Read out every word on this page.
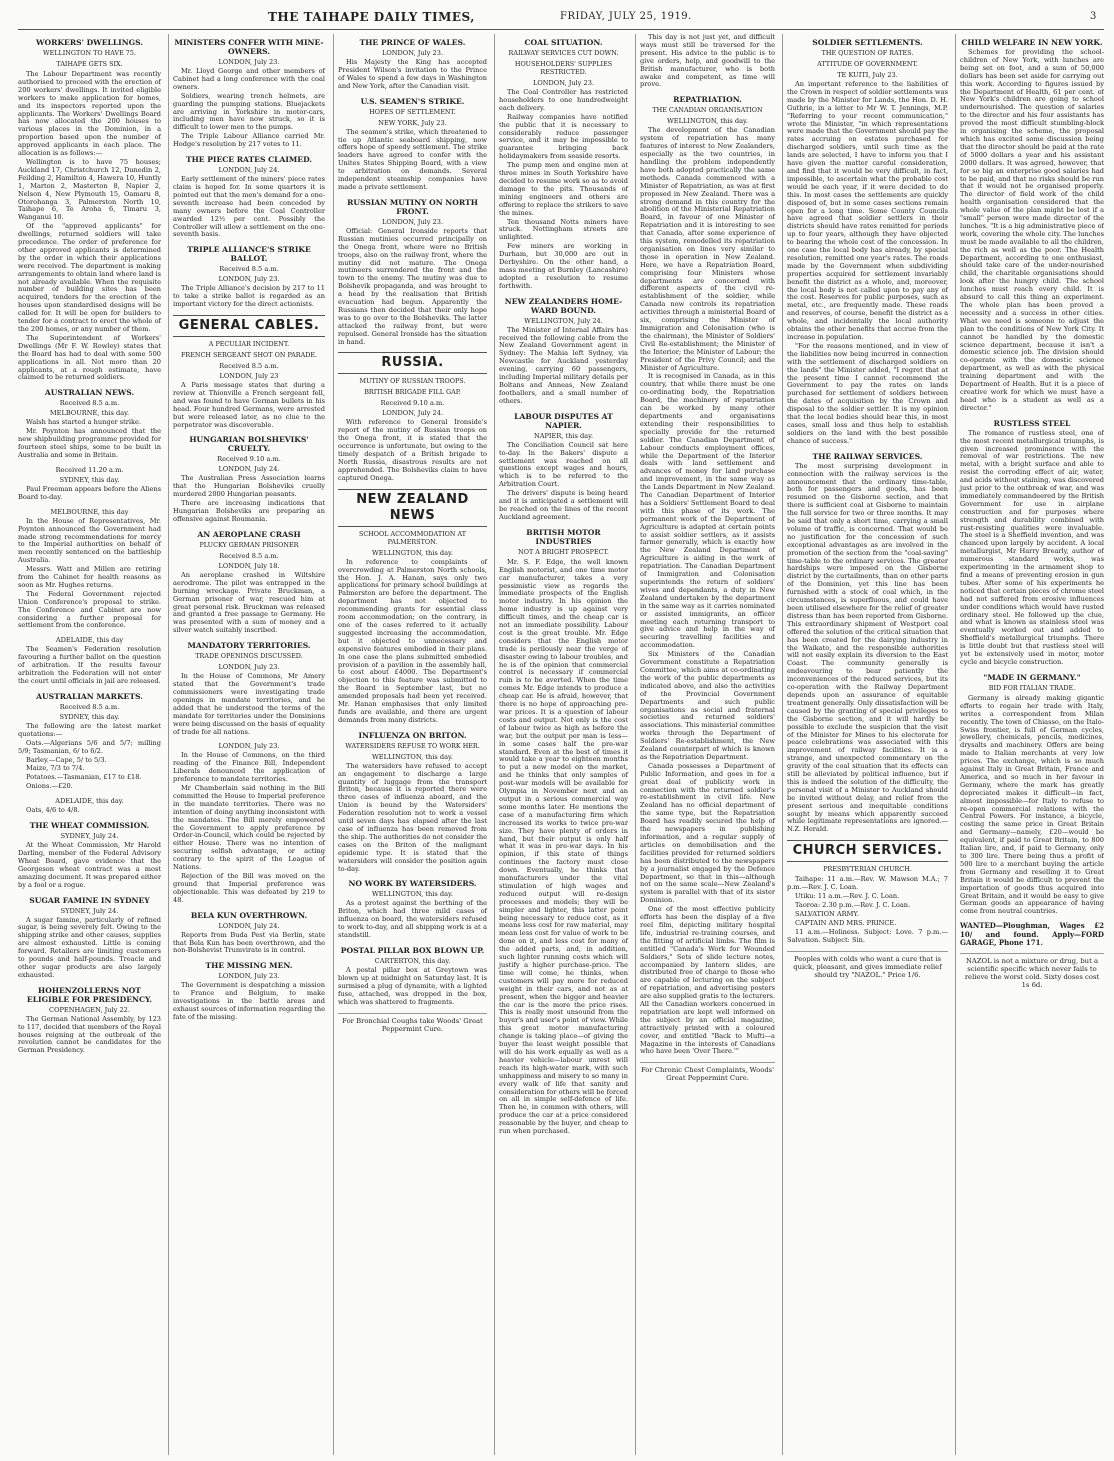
THE TAIHAPE DAILY TIMES,	FRIDAY, JULY 25, 1919.	3
WORKERS' DWELLINGS.
WELLINGTON TO HAVE 75.
TAIHAPE GETS SIX.

The Labour Department was recently authorised to proceed with the erection of 200 workers' dwellings. It invited eligible workers to make application for homes, and its inspectors reported upon the applicants. The Workers' Dwellings Board has now allocated the 200 houses to various places in the Dominion, in a proportion based upon the number of approved applicants in each place. The allocation is as follows:—

Wellington is to have 75 houses; Auckland 17, Christchurch 12, Dunedin 2, Feilding 2, Hamilton 4, Hawera 10, Huntly 1, Marton 2, Masterton 8, Napier 2, Nelson 4, New Plymouth 15, Oamaru 8, Otorohanga 3, Palmerston North 10, Taihape 6, Te Aroha 6, Timaru 3, Wanganui 10.

Of the "approved applicants" for dwellings, returned soldiers will take precedence. The order of preference for other approved applicants is determined by the order in which their applications were received. The department is making arrangements to obtain land where land is not already available. When the requisite number of building sites has been acquired, tenders for the erection of the houses upon standardised designs will be called for. It will be open for builders to tender for a contract to erect the whole of the 200 homes, or any number of them.

The Superintendent of Workers' Dwellings (Mr F. W. Rowley) states that the Board has had to deal with some 500 applications in all. Not more than 20 applicants, at a rough estimate, have claimed to be returned soldiers.

AUSTRALIAN NEWS.
Received 8.5 a.m.
MELBOURNE, this day.

Walsh has started a hunger strike.

Mr. Poynton has announced that the new shipbuilding programme provided for fourteen steel ships, some to be built in Australia and some in Britain.

Received 11.20 a.m.
SYDNEY, this day.

Paul Freeman appears before the Aliens Board to-day.

MELBOURNE, this day

In the House of Representatives, Mr. Poynton announced the Government had made strong recommendations for mercy to the Imperial authorities on behalf of men recently sentenced on the battleship Australia.

Messrs. Watt and Millen are retiring from the Cabinet for health reasons as soon as Mr. Hughes returns.

The Federal Government rejected Union Conference's proposal to strike. The Conference and Cabinet are now considering a further proposal for settlement from the conference.

ADELAIDE, this day

The Seamen's Federation resolution favouring a further ballot on the question of arbitration. If the results favour arbitration the Federation will not enter the court until officials in jail are released.

AUSTRALIAN MARKETS.
Received 8.5 a.m.
SYDNEY, this day.

The following are the latest market quotations:—

Oats.—Algerians 5/6 and 5/7; milling 5/9; Tasmanian, 6/ to 6/2.

Barley.—Cape, 5/ to 5/3.

Maize, 7/3 to 7/4.

Potatoes.—Tasmanian, £17 to £18.

Onions.—£20.

ADELAIDE, this day.

Oats, 4/6 to 4/8.

THE WHEAT COMMISSION.
SYDNEY, July 24.

At the Wheat Commission, Mr Harold Darling, member of the Federal Advisory Wheat Board, gave evidence that the Georgeson wheat contract was a most amazing document. It was prepared either by a fool or a rogue.

SUGAR FAMINE IN SYDNEY
SYDNEY, July 24.

A sugar famine, particularly of refined sugar, is being severely felt. Owing to the shipping strike and other causes, supplies are almost exhausted. Little is coming forward. Retailers are limiting customers to pounds and half-pounds. Treacle and other sugar products are also largely exhausted.

HOHENZOLLERNS NOT ELIGIBLE FOR PRESIDENCY.
COPENHAGEN, July 22.

The German National Assembly, by 123 to 117, decided that members of the Royal houses reigning at the outbreak of the revolution cannot be candidates for the German Presidency.

MINISTERS CONFER WITH MINE-OWNERS.
LONDON, July 23.

Mr. Lloyd George and other members of Cabinet had a long conference with the coal owners.

Soldiers, wearing trench helmets, are guarding the pumping stations. Bluejackets are arriving in Yorkshire in motor-cars, including men have now struck, so it is difficult to lower men to the pumps.

The Triple Labour Alliance carried Mr. Hodge's resolution by 217 votes to 11.

THE PIECE RATES CLAIMED.
LONDON, July 24.

Early settlement of the miners' piece rates claim is hoped for. In some quarters it is pointed out that the men's demand for a one-seventh increase had been conceded by many owners before the Coal Controller awarded 12½ per cent. Possibly the Controller will allow a settlement on the one-seventh basis.

TRIPLE ALLIANCE'S STRIKE BALLOT.
Received 8.5 a.m.
LONDON, July 23.

The Triple Alliance's decision by 217 to 11 to take a strike ballot is regarded as an important victory for the direct actionists.

GENERAL CABLES.
A PECULIAR INCIDENT.
FRENCH SERGEANT SHOT ON PARADE.
Received 8.5 a.m.
LONDON, July 23

A Paris message states that during a review at Thionville a French sergeant fell, and was found to have German bullets in his head. Four hundred Germans, were arrested but were released later, as no clue to the perpetrator was discoverable.

HUNGARIAN BOLSHEVIKS' CRUELTY.
Received 9.10 a.m.
LONDON, July 24.

The Australian Press Association learns that the Hungarian Bolsheviks cruelly murdered 2000 Hungarian peasants.

There are increasing indications that Hungarian Bolsheviks are preparing an offensive against Roumania.

AN AEROPLANE CRASH
PLUCKY GERMAN PRISONER
Received 8.5 a.m.
LONDON, July 18.

An aeroplane crashed in Wiltshire aerodrome. The pilot was entrapped in the burning wreckage. Private Bruckman, a German prisoner of war, rescued him at great personal risk. Bruckman was released and granted a free passage to Germany. He was presented with a sum of money and a silver watch suitably inscribed.

MANDATORY TERRITORIES.
TRADE OPENINGS DISCUSSED.
LONDON, July 23.

In the House of Commons, Mr Amery stated that the Government's trade commissioners were investigating trade openings in mandate territories, and he added that he understood the terms of the mandate for territories under the Dominions were being discussed on the basis of equality of trade for all nations.

LONDON, July 23.

In the House of Commons, on the third reading of the Finance Bill, Independent Liberals denounced the application of preference to mandate territories.

Mr Chamberlain said nothing in the Bill committed the House to Imperial preference in the mandate territories. There was no intention of doing anything inconsistent with the mandates. The Bill merely empowered the Government to apply preference by Order-in-Council, which could be rejected by either House. There was no intention of securing selfish advantage, or acting contrary to the spirit of the League of Nations.

Rejection of the Bill was moved on the ground that Imperial preference was objectionable. This was defeated by 219 to 48.

BELA KUN OVERTHROWN.
LONDON, July 24.

Reports from Buda Pest via Berlin, state that Bela Kun has been overthrown, and the non-Bolshevist Trumvirate is in control.

THE MISSING MEN.
LONDON, July 23.

The Government is despatching a mission to France and Belgium, to make investigations in the battle areas and exhaust sources of information regarding the fate of the missing.

THE PRINCE OF WALES.
LONDON, July 23.

His Majesty the King has accepted President Wilson's invitation to the Prince of Wales to spend a few days in Washington and New York, after the Canadian visit.

U.S. SEAMEN'S STRIKE.
HOPES OF SETTLEMENT.
NEW YORK, July 23.

The seamen's strike, which threatened to tie up Atlantic seaboard shipping, now offers hope of speedy settlement. The strike leaders have agreed to confer with the Unites States Shipping Board, with a view to arbitration on demands. Several independent steamship companies have made a private settlement.

RUSSIAN MUTINY ON NORTH FRONT.
LONDON, July 23.

Official: General Ironside reports that Russian mutinies occurred principally on the Onega front, where were no British troops, also on the railway front, where the mutiny did not mature. The Onega mutineers surrendered the front and the town to the enemy. The mutiny was due to Bolshevik propaganda, and was brought to a head by the realisation that British evacuation had begun. Apparently the Russians then decided that their only hope was to go over to the Bolsheviks. The latter attacked the railway front, but were repulsed. General Ironside has the situation in hand.

RUSSIA.
MUTINY OF RUSSIAN TROOPS.
BRITISH BRIGADE FILL GAP.
Received 9.10 a.m.
LONDON, July 24.

With reference to General Ironside's report of the mutiny of Russian troops on the Onega front, it is stated that the occurrence is unfortunate, but owing to the timely despatch of a British brigade to North Russia, disastrous results are not apprehended. The Bolsheviks claim to have captured Onega.

NEW ZEALAND NEWS
SCHOOL ACCOMMODATION AT PALMERSTON.
WELLINGTON, this day.

In reference to complaints of overcrowding at Palmerston North schools, the Hon. J. A. Hanan, says only two applications for primary school buildings at Palmerston are before the department. The department has not objected to recommending grants for essential class room accommodation; on the contrary, in one of the cases referred to it actually suggested increasing the accommodation, but it objected to unnecessary and expensive features embodied in their plans. In one case the plans submitted embodied provision of a pavilion in the assembly hall, to cost about £4000. The Department's objection to this feature was submitted to the Board in September last, but no amended proposals had been yet received. Mr. Hanan emphasises that only limited funds are available, and there are urgent demands from many districts.

INFLUENZA ON BRITON.
WATERSIDERS REFUSE TO WORK HER.
WELLINGTON, this day.

The watersiders have refused to accept an engagement to discharge a large quantity of luggage from the transport Briton, because it is reported there were three cases of influenza aboard, and the Union is bound by the Watersiders' Federation resolution not to work a vessel until seven days has elapsed after the last case of influenza has been removed from the ship. The authorities do not consider the cases on the Briton of the malignant epidemic type. It is stated that the watersiders will consider the position again to-day.

NO WORK BY WATERSIDERS.
WELLINGTON, this day.

As a protest against the berthing of the Briton, which had three mild cases of influenza on board, the watersiders refused to work to-day, and all shipping work is at a standstill.

POSTAL PILLAR BOX BLOWN UP.
CARTERTON, this day.

A postal pillar box at Greytown was blown up at midnight on Saturday last. It is surmised a plug of dynamite, with a lighted fuse, attached, was dropped in the box, which was shattered to fragments.

For Bronchial Coughs take Woods' Great Peppermint Cure.
COAL SITUATION.
RAILWAY SERVICES CUT DOWN.
HOUSEHOLDERS' SUPPLIES RESTRICTED.
LONDON, July 23.

The Coal Controller has restricted householders to one hundredweight each delivery.

Railway companies have notified the public that it is necessary to considerably reduce passenger service, and it may be impossible to guarantee bringing back holidaymakers from seaside resorts.

The pump men and engine men at three mines in South Yorkshire have decided to resume work so as to avoid damage to the pits. Thousands of mining engineers and others are offering to replace the strikers to save the mines.

Ten thousand Notts miners have struck. Nottingham streets are unlighted.

Few miners are working in Durham, but 30,000 are out in Derbyshire. On the other hand, a mass meeting at Burnley (Lancashire) adopted a resolution to resume forthwith.

NEW ZEALANDERS HOME-WARD BOUND.
WELLINGTON, July 24.

The Minister of Internal Affairs has received the following cable from the New Zealand Government agent in Sydney: The Mahia left Sydney, via Newcastle for Auckland yesterday evening, carrying 60 passengers, including Imperial military details per Boltans and Anneas, New Zealand footballers, and a small number of others.

LABOUR DISPUTES AT NAPIER.
NAPIER, this day.

The Conciliation Council sat here to-day. In the Bakers' dispute a settlement was reached on all questions except wages and hours, which is to be referred to the Arbitration Court.

The drivers' dispute is being heard and it is anticipated a settlement will be reached on the lines of the recent Auckland agreement.

BRITISH MOTOR INDUSTRIES
NOT A BRIGHT PROSPECT.

Mr. S. F. Edge, the well known English motorist, and one time motor car manufacturer, takes a very pessimistic view as regards the immediate prospects of the English motor industry. In his opinion the home industry is up against very difficult times, and the cheap car is not an immediate possibility. Labour cost is the great trouble. Mr. Edge considers that the English motor trade is perilously near the verge of disaster owing to labour troubles, and he is of the opinion that commercial control is necessary if commercial ruin is to be averted. When the time comes Mr. Edge intends to produce a cheap car. He is afraid, however, that there is no hope of approaching pre-war prices. It is a question of labour costs and output. Not only is the cost of labour twice as high as before the war, but the output per man is less—in some cases half the pre-war standard. Even at the best of times it would take a year to eighteen months to put a new model on the market, and he thinks that only samples of post-war models will be available for Olympia in November next and an output in a serious commercial way some months later. He mentions the case of a manufacturing firm which increased its works to twice pre-war size. They have plenty of orders in hand, but their output is only half what it was in pre-war days. In his opinion, if this state of things continues the factory must close down. Eventually, he thinks that manufacturers under the vital stimulation of high wages and reduced output will re-design processes and models; they will be simpler and lighter, this latter point being necessary to reduce cost, as it means less cost for raw material, may mean less cost for value of work to be done on it, and less cost for many of the added parts, and, in addition, such lighter running costs which will justify a higher purchase-price. The time will come, he thinks, when customers will pay more for reduced weight in their cars, and not as at present, when the bigger and heavier the car is the more the price rises. This is really most unsound from the buyer's and user's point of view. While this great motor manufacturing change is taking place—of giving the buyer the least weight possible that will do his work equally as well as a heavier vehicle—labour unrest will reach its high-water mark, with such unhappiness and misery to so many in every walk of life that sanity and consideration for others will be forced on all in simple self-defence of life. Then he, in common with others, will produce the car at a price considered reasonable by the buyer, and cheap to run when purchased.

This day is not just yet, and difficult ways must still be traversed for the present. His advice to the public is to give orders, help, and goodwill to the British manufacturer, who is both awake and competent, as time will prove.

REPATRIATION.
THE CANADIAN ORGANISATION
WELLINGTON, this day.

The development of the Canadian system of repatriation has many features of interest to New Zealanders, especially as the two countries, in handling the problem independently have both adopted practically the same methods. Canada commenced with a Minister of Repatriation, as was at first proposed in New Zealand. There was a strong demand in this country for the abolition of the Ministerial Repatriation Board, in favour of one Minister of Repatriation and it is interesting to see that Canada, after some experience of this system, remodelled its repatriation organisation on lines very similar to those in operation in New Zealand. Here, we have a Repatriation Board, comprising four Ministers whose departments are concerned with different aspects of the civil re-establishment of the soldier, while Canada now controls its repatriation activities through a ministerial Board of six, comprising the Minister of Immigration and Colonisation (who is the chairman), the Minister of Soldiers' Civil Re-establishment; the Minister of the Interior; the Minister of Labour; the President of the Privy Council; and the Minister of Agriculture.

It is recognised in Canada, as in this country, that while there must be one co-ordinating body, the Repatriation Board, the machinery of repatriation can be worked by many other departments and organisations extending their responsibilities to specially provide for the returned soldier. The Canadian Department of Labour conducts employment offices, while the Department of the Interior deals with land settlement and advances of money for land purchase and improvement, in the same way as the Lands Department in New Zealand. The Canadian Department of Interior has a Soldiers' Settlement Board to deal with this phase of its work. The permanent work of the Department of Agriculture is adapted at certain points to assist soldier settlers, as it assists farmer generally, which is exactly how the New Zealand Department of Agriculture is aiding in the work of repatriation. The Canadian Department of Immigration and Colonisation superintends the return of soldiers' wives and dependants, a duty in New Zealand undertaken by the department in the same way as it carries nominated or assisted immigrants, an officer meeting each returning transport to give advice and help in the way of securing travelling facilities and accommodation.

Six Ministers of the Canadian Government constitute a Repatriation Committee, which aims at co-ordinating the work of the public departments as indicated above, and also the activities of the Provincial Government Departments and such public organisations as social and fraternal societies and returned soldiers' associations. This ministerial committee works through the Department of Soldiers' Re-establishment, the New Zealand counterpart of which is known as the Repatriation Department.

Canada possesses a Department of Public Information, and goes in for a great deal of publicity work in connection with the returned soldier's re-establishment in civil life. New Zealand has no official department of the same type, but the Repatriation Board has readily secured the help of the newspapers in publishing information, and a regular supply of articles on demobilisation and the facilities provided for returned soldiers has been distributed to the newspapers by a journalist engaged by the Defence Department, so that in this—although not on the same scale—New Zealand's system is parallel with that of its sister Dominion.

One of the most effective publicity efforts has been the display of a five reel film, depicting military hospital life, industrial re-training courses, and the fitting of artificial limbs. The film is entitled "Canada's Work for Wounded Soldiers," Sets of slide lecture notes, accompanied by lantern slides, are distributed free of charge to those who are capable of lecturing on the subject of repatriation, and advertising posters are also supplied gratis to the lecturers. All the Canadian workers concerned in repatriation are kept well informed on the subject by an official magazine, attractively printed with a coloured cover, and entitled "Back to Mufti—a Magazine in the interests of Canadians who have been 'Over There.'"

For Chronic Chest Complaints, Woods' Great Peppermint Cure.
SOLDIER SETTLEMENTS.
THE QUESTION OF RATES.
ATTITUDE OF GOVERNMENT.
TE KUITI, July 23.

An important reference to the liabilities of the Crown in respect of soldier settlements was made by the Minister for Lands, the Hon. D. H. Guthrie, in a letter to Mr W. T. Jennings, M.P. "Referring to your recent communication," wrote the Minister, "in which representations were made that the Government should pay the rates accruing on estates purchased for discharged soldiers, until such time as the lands are selected, I have to inform you that I have given the matter careful consideration, and find that it would be very difficult, in fact, impossible, to ascertain what the probable cost would be each year, if it were decided to do this. In most cases the settlements are quickly disposed of, but in some cases sections remain open for a long time. Some County Councils have agreed that soldier settlers in their districts should have rates remitted for periods up to four years, although they have objected to bearing the whole cost of the concession. In one case the local body has already, by special resolution, remitted one year's rates. The roads made by the Government when subdividing properties acquired for settlement invariably benefit the district as a whole, and, moreover, the local body is not called upon to pay any of the cost. Reserves for public purposes, such as metal, etc., are frequently made. These roads and reserves, of course, benefit the district as a whole, and incidentally the local authority obtains the other benefits that accrue from the increase in population.

"For the reasons mentioned, and in view of the liabilities now being incurred in connection with the settlement of discharged soldiers on the lands" the Minister added, "I regret that at the present time I cannot recommend the Government to pay the rates on lands purchased for settlement of soldiers between the dates of acquisition by the Crown and disposal to the soldier settler. It is my opinion that the local bodies should bear this, in most cases, small loss and thus help to establish soldiers on the land with the best possible chance of success."

THE RAILWAY SERVICES.

The most surprising development in connection with the railway services is the announcement that the ordinary time-table, both for passengers and goods, has been resumed on the Gisborne section, and that there is sufficient coal at Gisborne to maintain the full service for two or three months. It may be said that only a short time, carrying a small volume of traffic, is concerned. That would be no justification for the concession of such exceptional advantages as are involved in the promotion of the section from the "coal-saving" time-table to the ordinary services. The greater hardships were imposed on the Gisborne district by the curtailments, than on other parts of the Dominion, yet this line has been furnished with a stock of coal which, in the circumstances, is superfluous, and could have been utilised elsewhere for the relief of greater distress than has been reported from Gisborne. This extraordinary shipment of Westport coal offered the solution of the critical situation that has been created for the dairying industry in the Waikato, and the responsible authorities will not easily explain its diversion to the East Coast. The community generally is endeavouring to bear patiently the inconveniences of the reduced services, but its co-operation with the Railway Department depends upon an assurance of equitable treatment generally. Only dissatisfaction will be caused by the granting of special privileges to the Gisborne section, and it will hardly be possible to exclude the suspicion that the visit of the Minister for Mines to his electorate for peace celebrations was associated with this improvement of railway facilities. It is a strange, and unexpected commentary on the gravity of the coal situation that its effects can still be alleviated by political influence, but if this is indeed the solution of the difficulty, the personal visit of a Minister to Auckland should be invited without delay, and relief from the present serious and inequitable conditions sought by means which apparently succeed while legitimate representations are ignored.—N.Z. Herald.

CHURCH SERVICES.
PRESBYTERIAN CHURCH.

Taihape: 11 a.m.—Rev. W. Mawson M.A.; 7 p.m.—Rev. J. C. Loan.

Utiku: 11 a.m.—Rev. J. C. Loan.

Taoroa: 2.30 p.m.—Rev. J. C. Loan.

SALVATION ARMY.

CAPTAIN AND MRS. PRINCE.

11 a.m.—Holiness. Subject: Love. 7 p.m.—Salvation. Subject: Sin.

Peoples with colds who want a cure that is quick, pleasant, and gives immediate relief should try "NAZOL." Price 1/6.
CHILD WELFARE IN NEW YORK.

Schemes for providing the school-children of New York, with lunches are being set on foot, and a sum of 50,000 dollars has been set aside for carrying out this work. According to figures issued by the Department of Health, 61 per cent. of New York's children are going to school undernourished. The question of salaries to the director and his four assistants has proved the most difficult stumbling-block in organising the scheme, the proposal which has excited some discussion being that the director should be paid at the rate of 5000 dollars a year and his assistant 2000 dollars. It was agreed, however, that for so big an enterprise good salaries had to be paid, and that no risks should be run that it would not be organised properly. The director of field work of the child health organisation considered that the whole value of the plan might be lost if a "small" person were made director of the lunches. "It is a big administrative piece of work, covering the whole city. The lunches must be made available to all the children, the rich as well as the poor. The Health Department, according to one enthusiast, should take care of the under-nourished child, the charitable organisations should look after the hungry child. The school lunches must reach every child. It is absurd to call this thing an experiment. The whole plan has been proved a necessity and a success in other cities. What we need is someone to adjust the plan to the conditions of New York City. It cannot be handled by the domestic science department, because it isn't a domestic science job. The division should co-operate with the domestic science department, as well as with the physical training department and with the Department of Health. But it is a piece of creative work for which we must have a head who is a student as well as a director."

RUSTLESS STEEL

The romance of rustless steel, one of the most recent metallurgical triumphs, is given increased prominence with the removal of war restrictions. The new metal, with a bright surface and able to resist the corroding effect of air, water, and acids without staining, was discovered just prior to the outbreak of war, and was immediately commandeered by the British Government for use in airplane construction and for purposes where strength and durability combined with rust-resisting qualities were invaluable. The steel is a Sheffield invention, and was chanced upon largely by accident. A local metallurgist, Mr Harry Brearly, author of numerous standard works, was experimenting in the armament shop to find a means of preventing erosion in gun tubes. After some of his experiments he noticed that certain pieces of chrome steel had not suffered from erosive influences under conditions which would have rusted ordinary steel. He followed up the clue, and what is known as stainless steel was eventually worked out and added to Sheffield's metallurgical triumphs. There is little doubt but that rustless steel will yet be extensively used in motor, motor cycle and bicycle construction.

"MADE IN GERMANY."
BID FOR ITALIAN TRADE.

Germany is already making gigantic efforts to regain her trade with Italy, writes a correspondent from Milan recently. The town of Chiasso, on the Italo-Swiss frontier, is full of German cycles, jewellery, chemicals, pencils, medicines, drysalts and machinery. Offers are being made to Italian merchants at very low prices. The exchange, which is so much against Italy in Great Britain, France and America, and so much in her favour in Germany, where the mark has greatly depreciated makes it difficult—in fact, almost impossible—for Italy to refuse to re-open commercial relations with the Central Powers. For instance, a bicycle, costing the same price in Great Britain and Germany—namely, £20—would be equivalent, if paid to Great Britain, to 800 Italian lire, and, if paid to Germany, only to 300 lire. There being thus a profit of 500 lire to a merchant buying the article from Germany and reselling it to Great Britain it would be difficult to prevent the importation of goods thus acquired into Great Britain, and it would be easy to give German goods an appearance of having come from neutral countries.

WANTED—Ploughman, Wages £2 10/ and found. Apply—FORD GARAGE, Phone 171.
NAZOL is not a mixture or drug, but a scientific specific which never fails to relieve the worst cold. Sixty doses cost 1s 6d.
